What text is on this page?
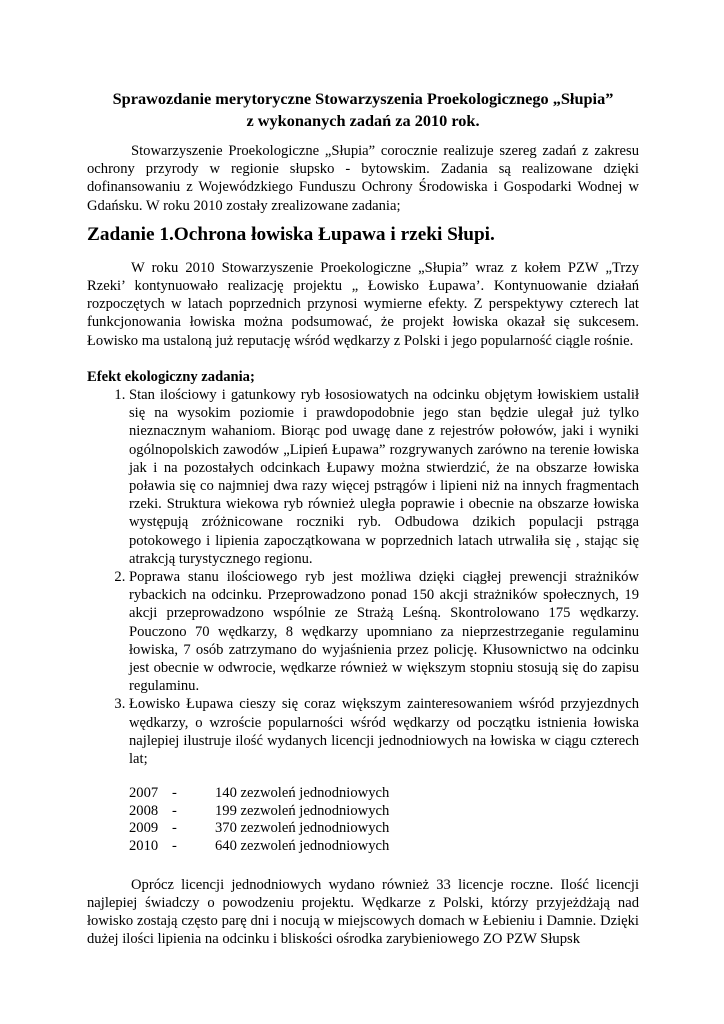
Sprawozdanie merytoryczne Stowarzyszenia Proekologicznego „Słupia”

z wykonanych zadań za 2010 rok.

Stowarzyszenie Proekologiczne „Słupia” corocznie realizuje szereg zadań z zakresu ochrony przyrody w regionie słupsko - bytowskim. Zadania są realizowane dzięki dofinansowaniu z Wojewódzkiego Funduszu Ochrony Środowiska i Gospodarki Wodnej w Gdańsku. W roku 2010 zostały zrealizowane zadania;

Zadanie 1.Ochrona łowiska Łupawa i rzeki Słupi.

W roku 2010 Stowarzyszenie Proekologiczne „Słupia” wraz z kołem PZW „Trzy Rzeki’ kontynuowało realizację projektu „ Łowisko Łupawa’. Kontynuowanie działań rozpoczętych w latach poprzednich przynosi wymierne efekty. Z perspektywy czterech lat funkcjonowania łowiska można podsumować, że projekt łowiska okazał się sukcesem. Łowisko ma ustaloną już reputację wśród wędkarzy z Polski i jego popularność ciągle rośnie.

Efekt ekologiczny zadania;

1. Stan ilościowy i gatunkowy ryb łososiowatych na odcinku objętym łowiskiem ustalił się na wysokim poziomie i prawdopodobnie jego stan będzie ulegał już tylko nieznacznym wahaniom. Biorąc pod uwagę dane z rejestrów połowów, jaki i wyniki ogólnopolskich zawodów „Lipień Łupawa” rozgrywanych zarówno na terenie łowiska jak i na pozostałych odcinkach Łupawy można stwierdzić, że na obszarze łowiska poławia się co najmniej dwa razy więcej pstrągów i lipieni niż na innych fragmentach rzeki. Struktura wiekowa ryb również uległa poprawie i obecnie na obszarze łowiska występują zróżnicowane roczniki ryb. Odbudowa dzikich populacji pstrąga potokowego i lipienia zapoczątkowana w poprzednich latach utrwaliła się , stając się atrakcją turystycznego regionu.
2. Poprawa stanu ilościowego ryb jest możliwa dzięki ciągłej prewencji strażników rybackich na odcinku. Przeprowadzono ponad 150 akcji strażników społecznych, 19 akcji przeprowadzono wspólnie ze Strażą Leśną. Skontrolowano 175 wędkarzy. Pouczono 70 wędkarzy, 8 wędkarzy upomniano za nieprzestrzeganie regulaminu łowiska, 7 osób zatrzymano do wyjaśnienia przez policję. Kłusownictwo na odcinku jest obecnie w odwrocie, wędkarze również w większym stopniu stosują się do zapisu regulaminu.
3. Łowisko Łupawa cieszy się coraz większym zainteresowaniem wśród przyjezdnych wędkarzy, o wzroście popularności wśród wędkarzy od początku istnienia łowiska najlepiej ilustruje ilość wydanych licencji jednodniowych na łowiska w ciągu czterech lat;
2007 -	140 zezwoleń jednodniowych
2008 -	199 zezwoleń jednodniowych
2009 -	370 zezwoleń jednodniowych
2010 -	640 zezwoleń jednodniowych

Oprócz licencji jednodniowych wydano również 33 licencje roczne. Ilość licencji najlepiej świadczy o powodzeniu projektu. Wędkarze z Polski, którzy przyjeżdżają nad łowisko zostają często parę dni i nocują w miejscowych domach w Łebieniu i Damnie. Dzięki dużej ilości lipienia na odcinku i bliskości ośrodka zarybieniowego ZO PZW Słupsk
